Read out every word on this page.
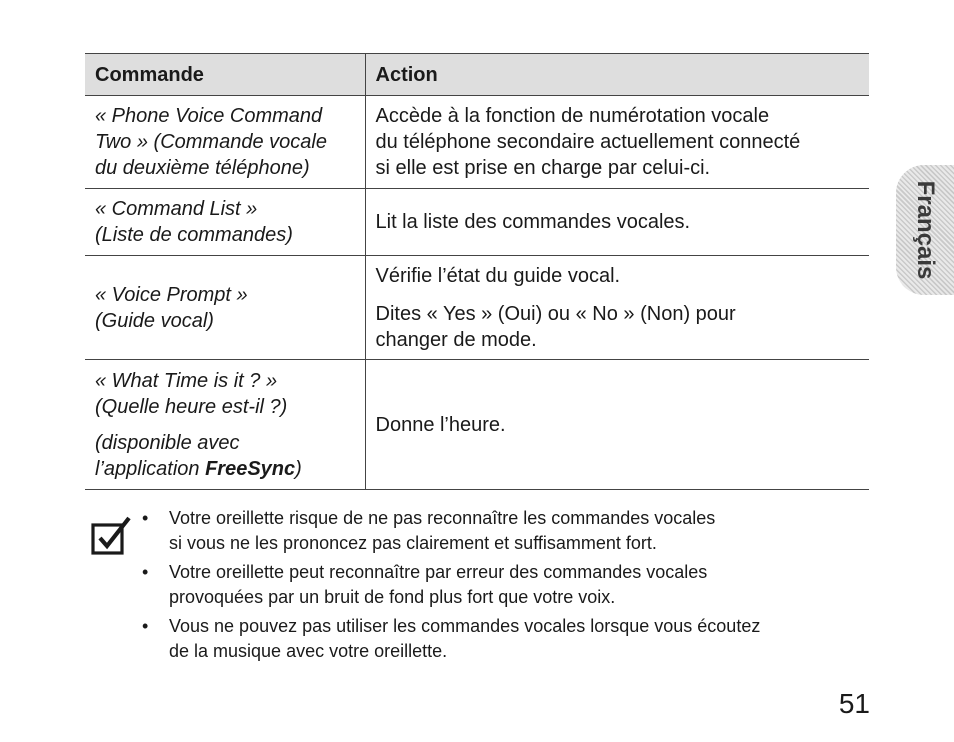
Commande	Action

« Phone Voice Command
Two » (Commande vocale
du deuxième téléphone)	Accède à la fonction de numérotation vocale
du téléphone secondaire actuellement connecté
si elle est prise en charge par celui-ci.

« Command List »
(Liste de commandes)	Lit la liste des commandes vocales.

« Voice Prompt »
(Guide vocal)	Vérifie l’état du guide vocal.
Dites « Yes » (Oui) ou « No » (Non) pour
changer de mode.

« What Time is it ? »
(Quelle heure est-il ?)
(disponible avec
l’application FreeSync)	Donne l’heure.
• Votre oreillette risque de ne pas reconnaître les commandes vocales
si vous ne les prononcez pas clairement et suffisamment fort.
• Votre oreillette peut reconnaître par erreur des commandes vocales
provoquées par un bruit de fond plus fort que votre voix.
• Vous ne pouvez pas utiliser les commandes vocales lorsque vous écoutez
de la musique avec votre oreillette.
Français
51
